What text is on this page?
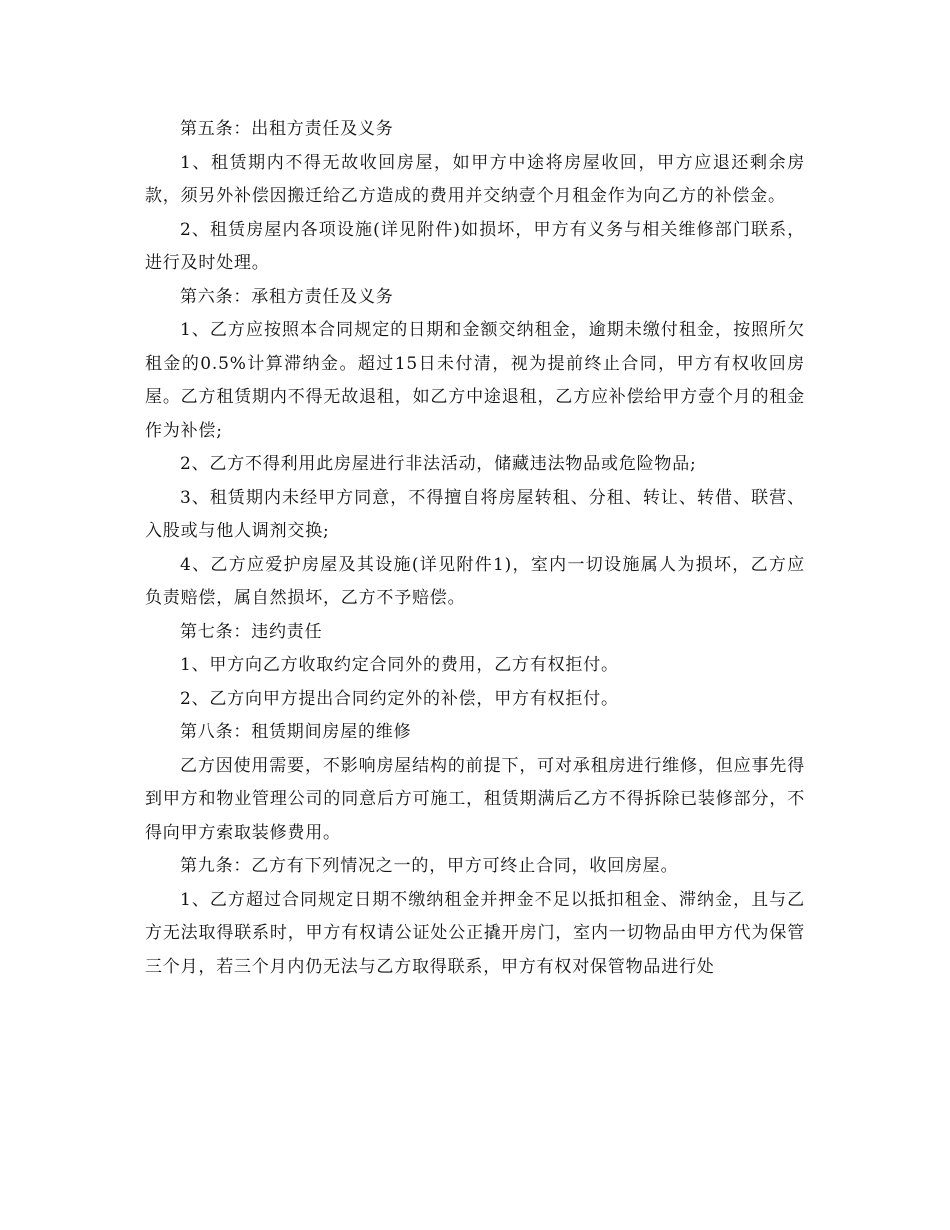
第五条：出租方责任及义务

1、租赁期内不得无故收回房屋，如甲方中途将房屋收回，甲方应退还剩余房款，须另外补偿因搬迁给乙方造成的费用并交纳壹个月租金作为向乙方的补偿金。

2、租赁房屋内各项设施(详见附件)如损坏，甲方有义务与相关维修部门联系，进行及时处理。

第六条：承租方责任及义务

1、乙方应按照本合同规定的日期和金额交纳租金，逾期未缴付租金，按照所欠租金的0.5%计算滞纳金。超过15日未付清，视为提前终止合同，甲方有权收回房屋。乙方租赁期内不得无故退租，如乙方中途退租，乙方应补偿给甲方壹个月的租金作为补偿;

2、乙方不得利用此房屋进行非法活动，储藏违法物品或危险物品;

3、租赁期内未经甲方同意，不得擅自将房屋转租、分租、转让、转借、联营、入股或与他人调剂交换;

4、乙方应爱护房屋及其设施(详见附件1)，室内一切设施属人为损坏，乙方应负责赔偿，属自然损坏，乙方不予赔偿。

第七条：违约责任

1、甲方向乙方收取约定合同外的费用，乙方有权拒付。

2、乙方向甲方提出合同约定外的补偿，甲方有权拒付。

第八条：租赁期间房屋的维修

乙方因使用需要，不影响房屋结构的前提下，可对承租房进行维修，但应事先得到甲方和物业管理公司的同意后方可施工，租赁期满后乙方不得拆除已装修部分，不得向甲方索取装修费用。

第九条：乙方有下列情况之一的，甲方可终止合同，收回房屋。

1、乙方超过合同规定日期不缴纳租金并押金不足以抵扣租金、滞纳金，且与乙方无法取得联系时，甲方有权请公证处公正撬开房门，室内一切物品由甲方代为保管三个月，若三个月内仍无法与乙方取得联系，甲方有权对保管物品进行处
